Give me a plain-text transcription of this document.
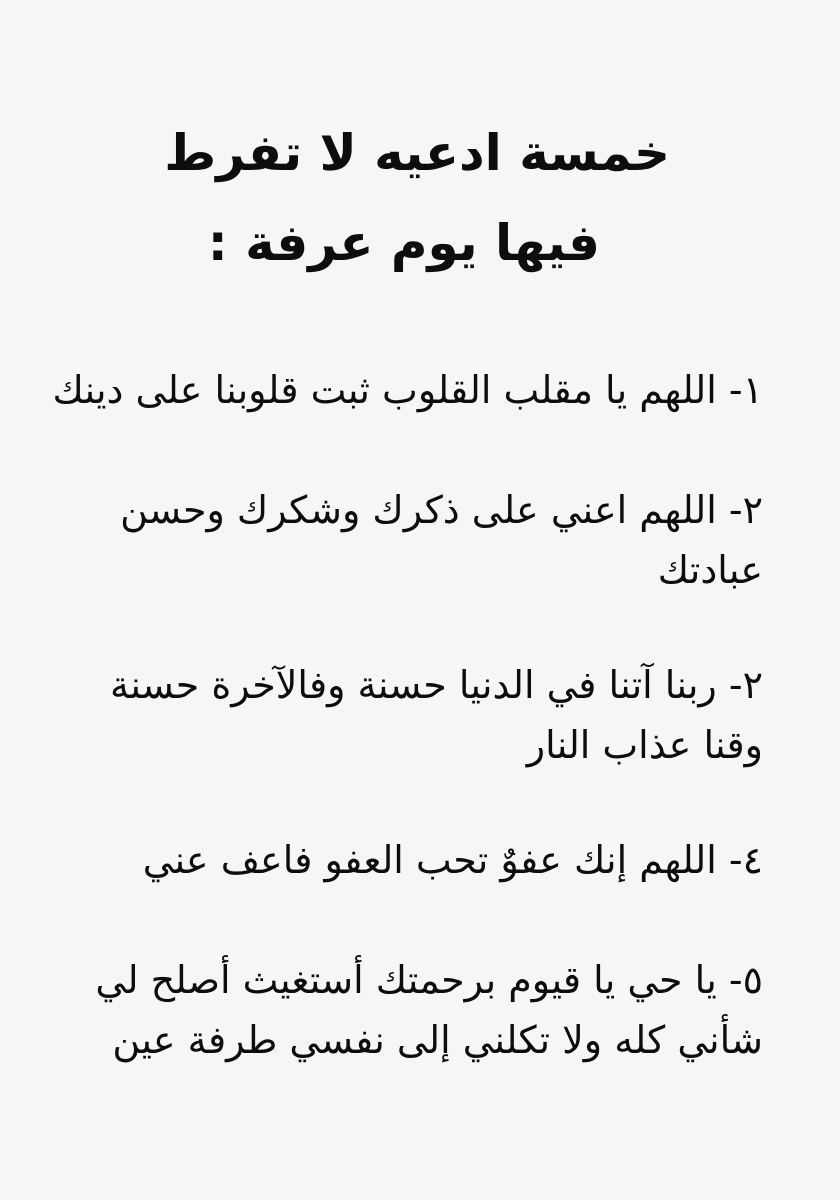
خمسة ادعيه لا تفرط
فيها يوم عرفة :

١- اللهم يا مقلب القلوب ثبت قلوبنا على دينك

٢- اللهم اعني على ذكرك وشكرك وحسن
عبادتك

٢- ربنا آتنا في الدنيا حسنة وفالآخرة حسنة
وقنا عذاب النار

٤- اللهم إنك عفوٌ تحب العفو فاعف عني

٥- يا حي يا قيوم برحمتك أستغيث أصلح لي
شأني كله ولا تكلني إلى نفسي طرفة عين
